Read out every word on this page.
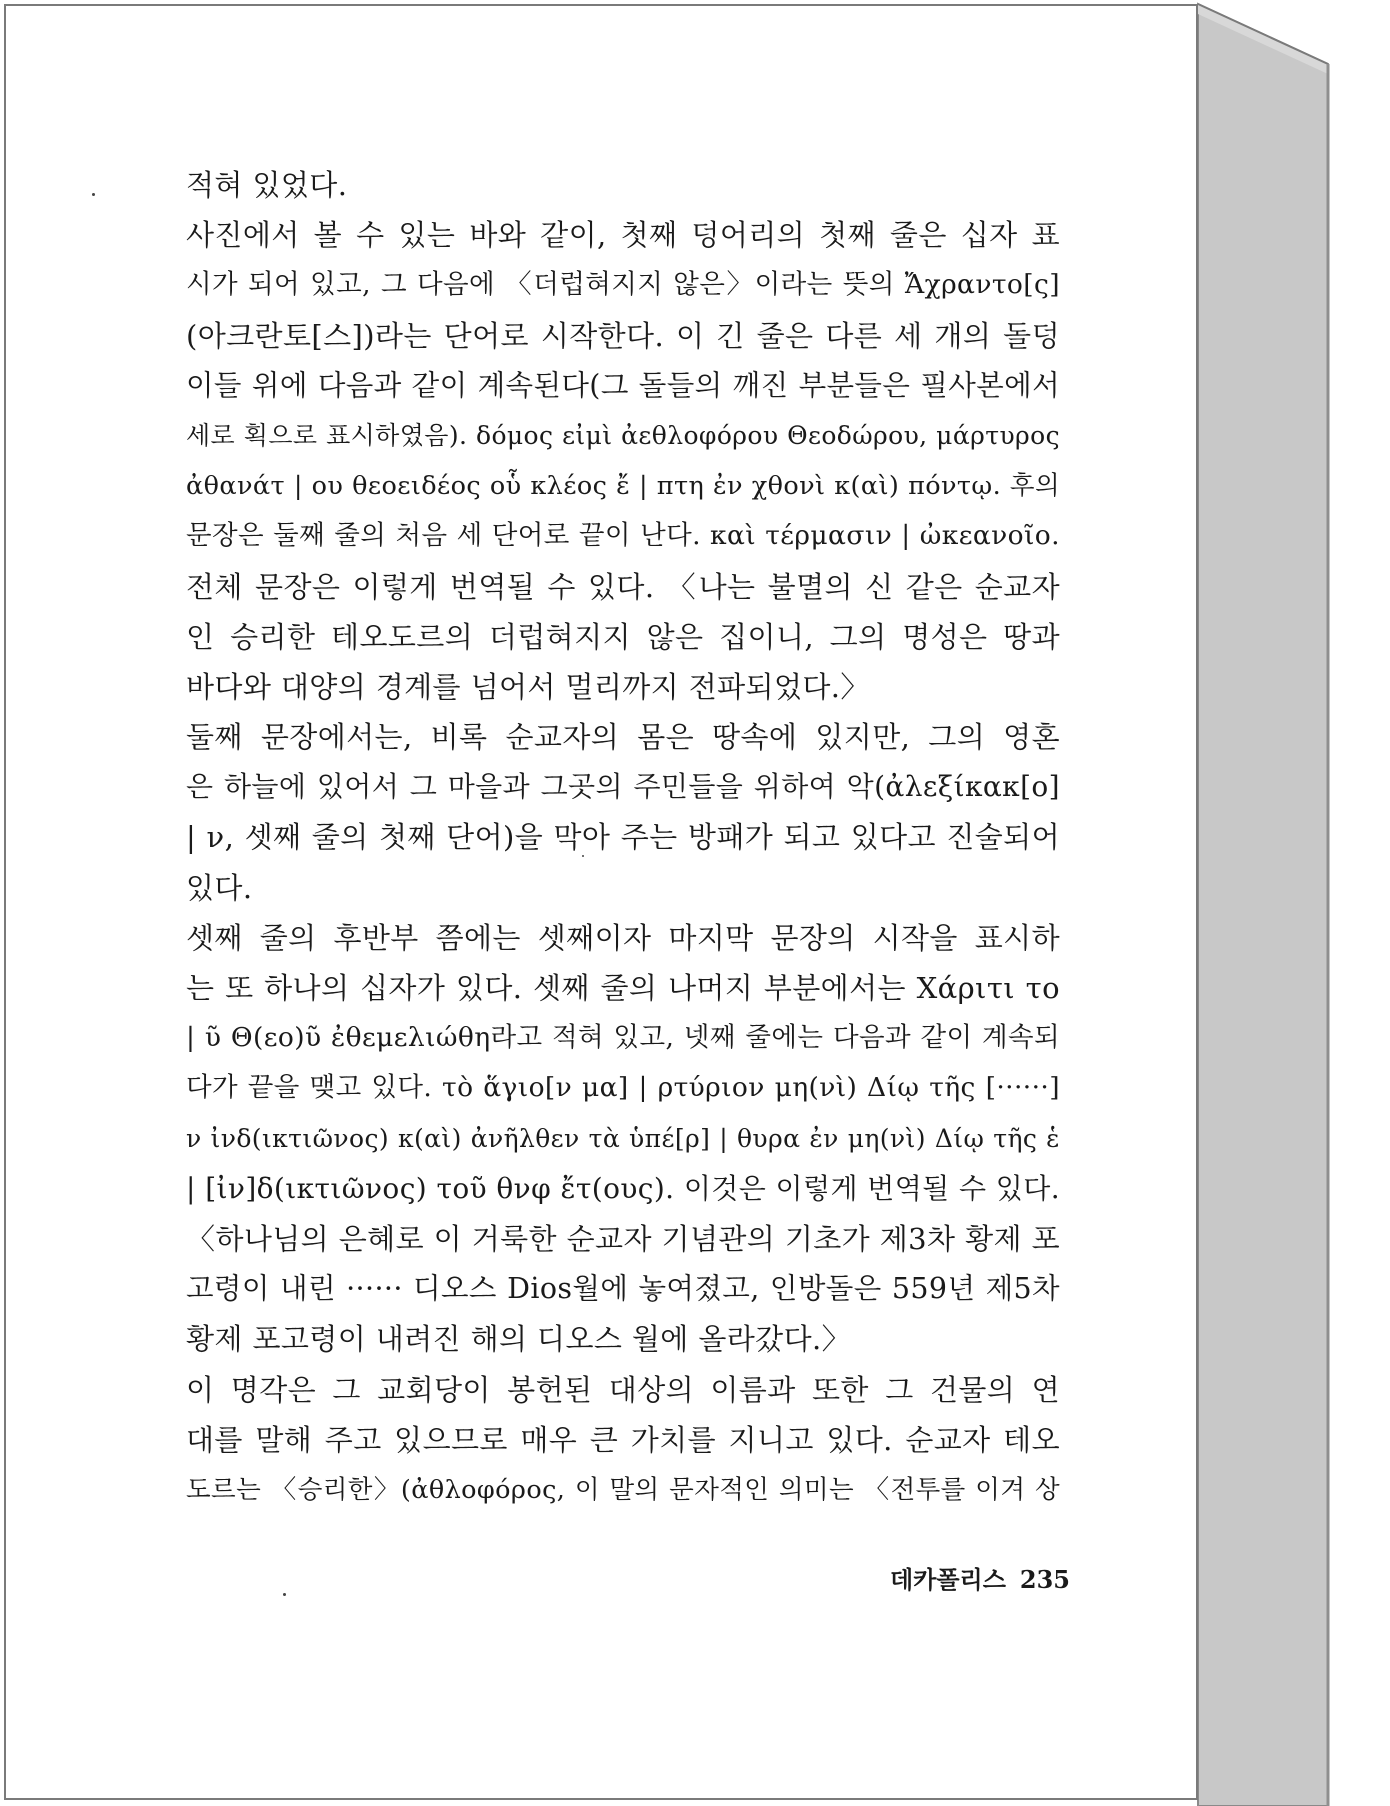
적혀 있었다.
사진에서 볼 수 있는 바와 같이, 첫째 덩어리의 첫째 줄은 십자 표
시가 되어 있고, 그 다음에 〈더럽혀지지 않은〉이라는 뜻의 Ἄχραντο[ς]
(아크란토[스])라는 단어로 시작한다. 이 긴 줄은 다른 세 개의 돌덩
이들 위에 다음과 같이 계속된다(그 돌들의 깨진 부분들은 필사본에서
세로 획으로 표시하였음). δόμος εἰμὶ ἀεθλοφόρου Θεοδώρου, μάρτυρος
ἀθανάτ | ου θεοειδέος οὗ κλέος ἔ | πτη ἐν χθονὶ κ(αὶ) πόντῳ. 후의
문장은 둘째 줄의 처음 세 단어로 끝이 난다. καὶ τέρμασιν | ὠκεανοῖο.
전체 문장은 이렇게 번역될 수 있다. 〈나는 불멸의 신 같은 순교자
인 승리한 테오도르의 더럽혀지지 않은 집이니, 그의 명성은 땅과
바다와 대양의 경계를 넘어서 멀리까지 전파되었다.〉
둘째 문장에서는, 비록 순교자의 몸은 땅속에 있지만, 그의 영혼
은 하늘에 있어서 그 마을과 그곳의 주민들을 위하여 악(ἀλεξίκακ[ο]
| ν, 셋째 줄의 첫째 단어)을 막아 주는 방패가 되고 있다고 진술되어
있다.
셋째 줄의 후반부 쯤에는 셋째이자 마지막 문장의 시작을 표시하
는 또 하나의 십자가 있다. 셋째 줄의 나머지 부분에서는 Χάριτι το
| ῦ Θ(εο)ῦ ἐθεμελιώθη라고 적혀 있고, 넷째 줄에는 다음과 같이 계속되
다가 끝을 맺고 있다. τὸ ἅγιο[ν μα] | ρτύριον μη(νὶ) Δίῳ τῆς [······]
ν ἰνδ(ικτιῶνος) κ(αὶ) ἀνῆλθεν τὰ ὑπέ[ρ] | θυρα ἐν μη(νὶ) Δίῳ τῆς ἑ
| [ἰν]δ(ικτιῶνος) τοῦ θνφ ἔτ(ους). 이것은 이렇게 번역될 수 있다.
〈하나님의 은혜로 이 거룩한 순교자 기념관의 기초가 제3차 황제 포
고령이 내린 ······ 디오스 Dios월에 놓여졌고, 인방돌은 559년 제5차
황제 포고령이 내려진 해의 디오스 월에 올라갔다.〉
이 명각은 그 교회당이 봉헌된 대상의 이름과 또한 그 건물의 연
대를 말해 주고 있으므로 매우 큰 가치를 지니고 있다. 순교자 테오
도르는 〈승리한〉(ἀθλοφόρος, 이 말의 문자적인 의미는 〈전투를 이겨 상
데카폴리스 235
